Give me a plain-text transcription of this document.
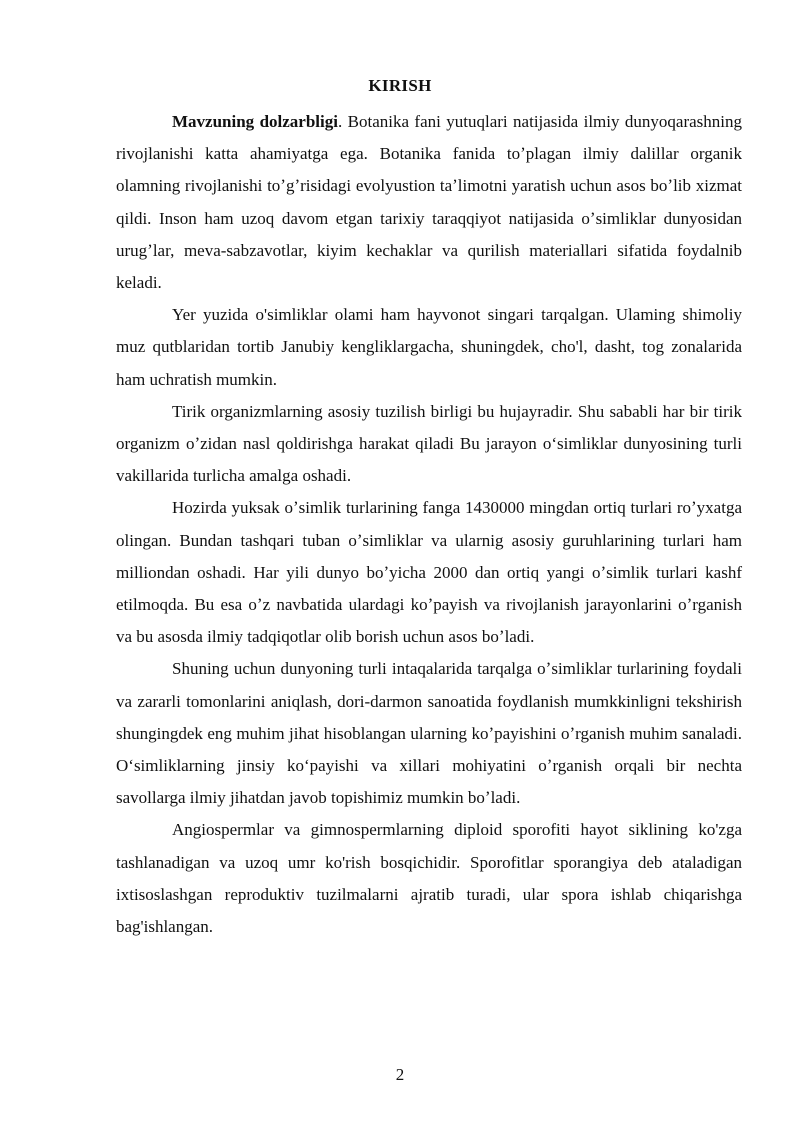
KIRISH

Mavzuning dolzarbligi. Botanika fani yutuqlari natijasida ilmiy dunyoqarashning rivojlanishi katta ahamiyatga ega. Botanika fanida toʼplagan ilmiy dalillar organik olamning rivojlanishi toʼgʼrisidagi evolyustion taʼlimotni yaratish uchun asos boʼlib xizmat qildi. Inson ham uzoq davom etgan tarixiy taraqqiyot natijasida oʼsimliklar dunyosidan urugʼlar, meva-sabzavotlar, kiyim kechaklar va qurilish materiallari sifatida foydalnib keladi.

Yer yuzida o'simliklar olami ham hayvonot singari tarqalgan. Ulaming shimoliy muz qutblaridan tortib Janubiy kengliklargacha, shuningdek, cho'l, dasht, tog zonalarida ham uchratish mumkin.

Tirik organizmlarning asosiy tuzilish birligi bu hujayradir. Shu sababli har bir tirik organizm oʼzidan nasl qoldirishga harakat qiladi Bu jarayon oʻsimliklar dunyosining turli vakillarida turlicha amalga oshadi.

Hozirda yuksak oʼsimlik turlarining fanga 1430000 mingdan ortiq turlari roʼyxatga olingan. Bundan tashqari tuban oʼsimliklar va ularnig asosiy guruhlarining turlari ham milliondan oshadi. Har yili dunyo boʼyicha 2000 dan ortiq yangi oʼsimlik turlari kashf etilmoqda. Bu esa oʼz navbatida ulardagi koʼpayish va rivojlanish jarayonlarini oʼrganish va bu asosda ilmiy tadqiqotlar olib borish uchun asos boʼladi.

Shuning uchun dunyoning turli intaqalarida tarqalga oʼsimliklar turlarining foydali va zararli tomonlarini aniqlash, dori-darmon sanoatida foydlanish mumkkinligni tekshirish shungingdek eng muhim jihat hisoblangan ularning koʼpayishini oʼrganish muhim sanaladi. Oʻsimliklarning jinsiy koʻpayishi va xillari mohiyatini oʼrganish orqali bir nechta savollarga ilmiy jihatdan javob topishimiz mumkin boʼladi.

Angiospermlar va gimnospermlarning diploid sporofiti hayot siklining ko'zga tashlanadigan va uzoq umr ko'rish bosqichidir. Sporofitlar sporangiya deb ataladigan ixtisoslashgan reproduktiv tuzilmalarni ajratib turadi, ular spora ishlab chiqarishga bag'ishlangan.

2
